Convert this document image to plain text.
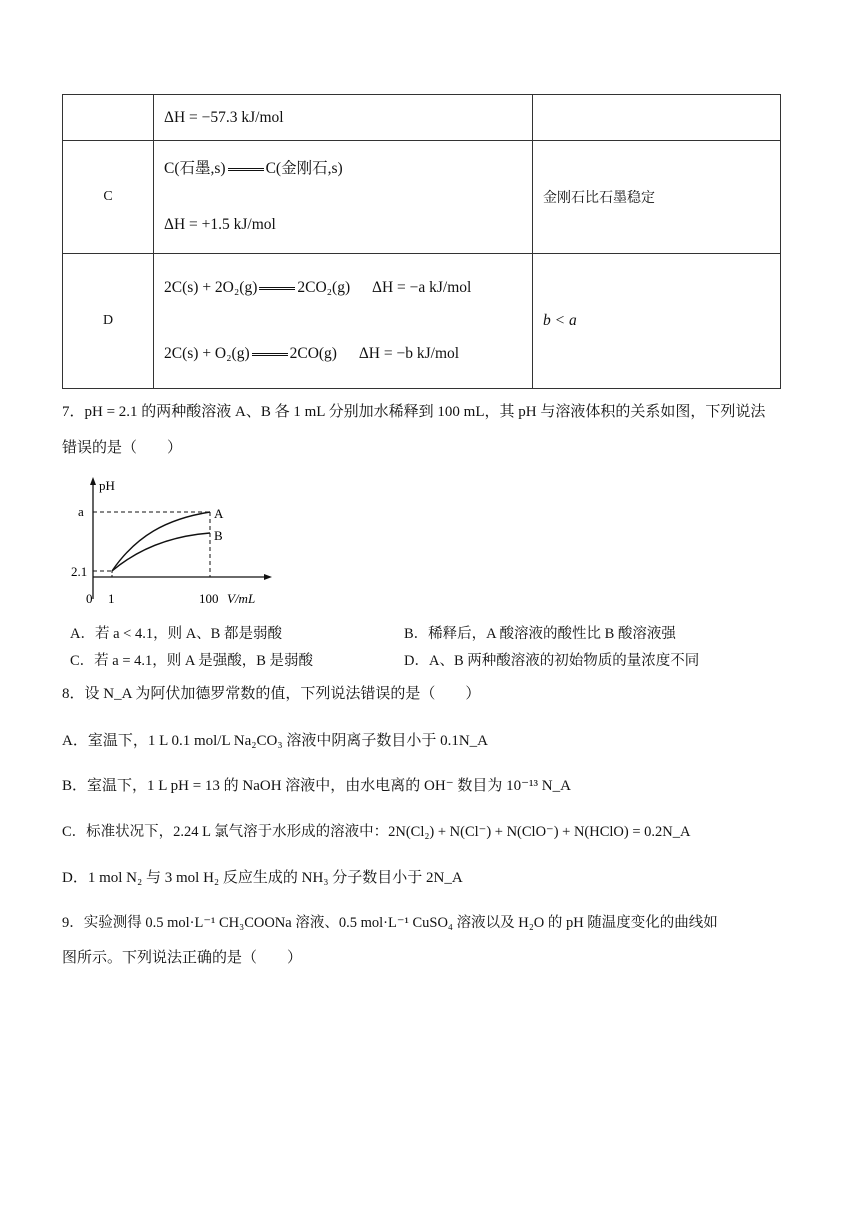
	ΔH = −57.3 kJ/mol	
C	C(石墨,s) C(金刚石,s)
ΔH = +1.5 kJ/mol	金刚石比石墨稳定
D	2C(s) + 2O₂(g) 2CO₂(g) ΔH = −a kJ/mol
2C(s) + O₂(g) 2CO(g) ΔH = −b kJ/mol	b < a
7．pH = 2.1 的两种酸溶液 A、B 各 1 mL 分别加水稀释到 100 mL，其 pH 与溶液体积的关系如图，下列说法
错误的是（　　）
pH
A
B
a
2.1
0 1	100 V/mL
A．若 a < 4.1，则 A、B 都是弱酸	B．稀释后，A 酸溶液的酸性比 B 酸溶液强
C．若 a = 4.1，则 A 是强酸，B 是弱酸	D．A、B 两种酸溶液的初始物质的量浓度不同
8．设 N_A 为阿伏加德罗常数的值，下列说法错误的是（　　）
A．室温下，1 L 0.1 mol/L Na₂CO₃ 溶液中阴离子数目小于 0.1N_A
B．室温下，1 L pH = 13 的 NaOH 溶液中，由水电离的 OH⁻ 数目为 10⁻¹³ N_A
C．标准状况下，2.24 L 氯气溶于水形成的溶液中：2N(Cl₂) + N(Cl⁻) + N(ClO⁻) + N(HClO) = 0.2N_A
D．1 mol N₂ 与 3 mol H₂ 反应生成的 NH₃ 分子数目小于 2N_A
9．实验测得 0.5 mol·L⁻¹ CH₃COONa 溶液、0.5 mol·L⁻¹ CuSO₄ 溶液以及 H₂O 的 pH 随温度变化的曲线如
图所示。下列说法正确的是（　　）
